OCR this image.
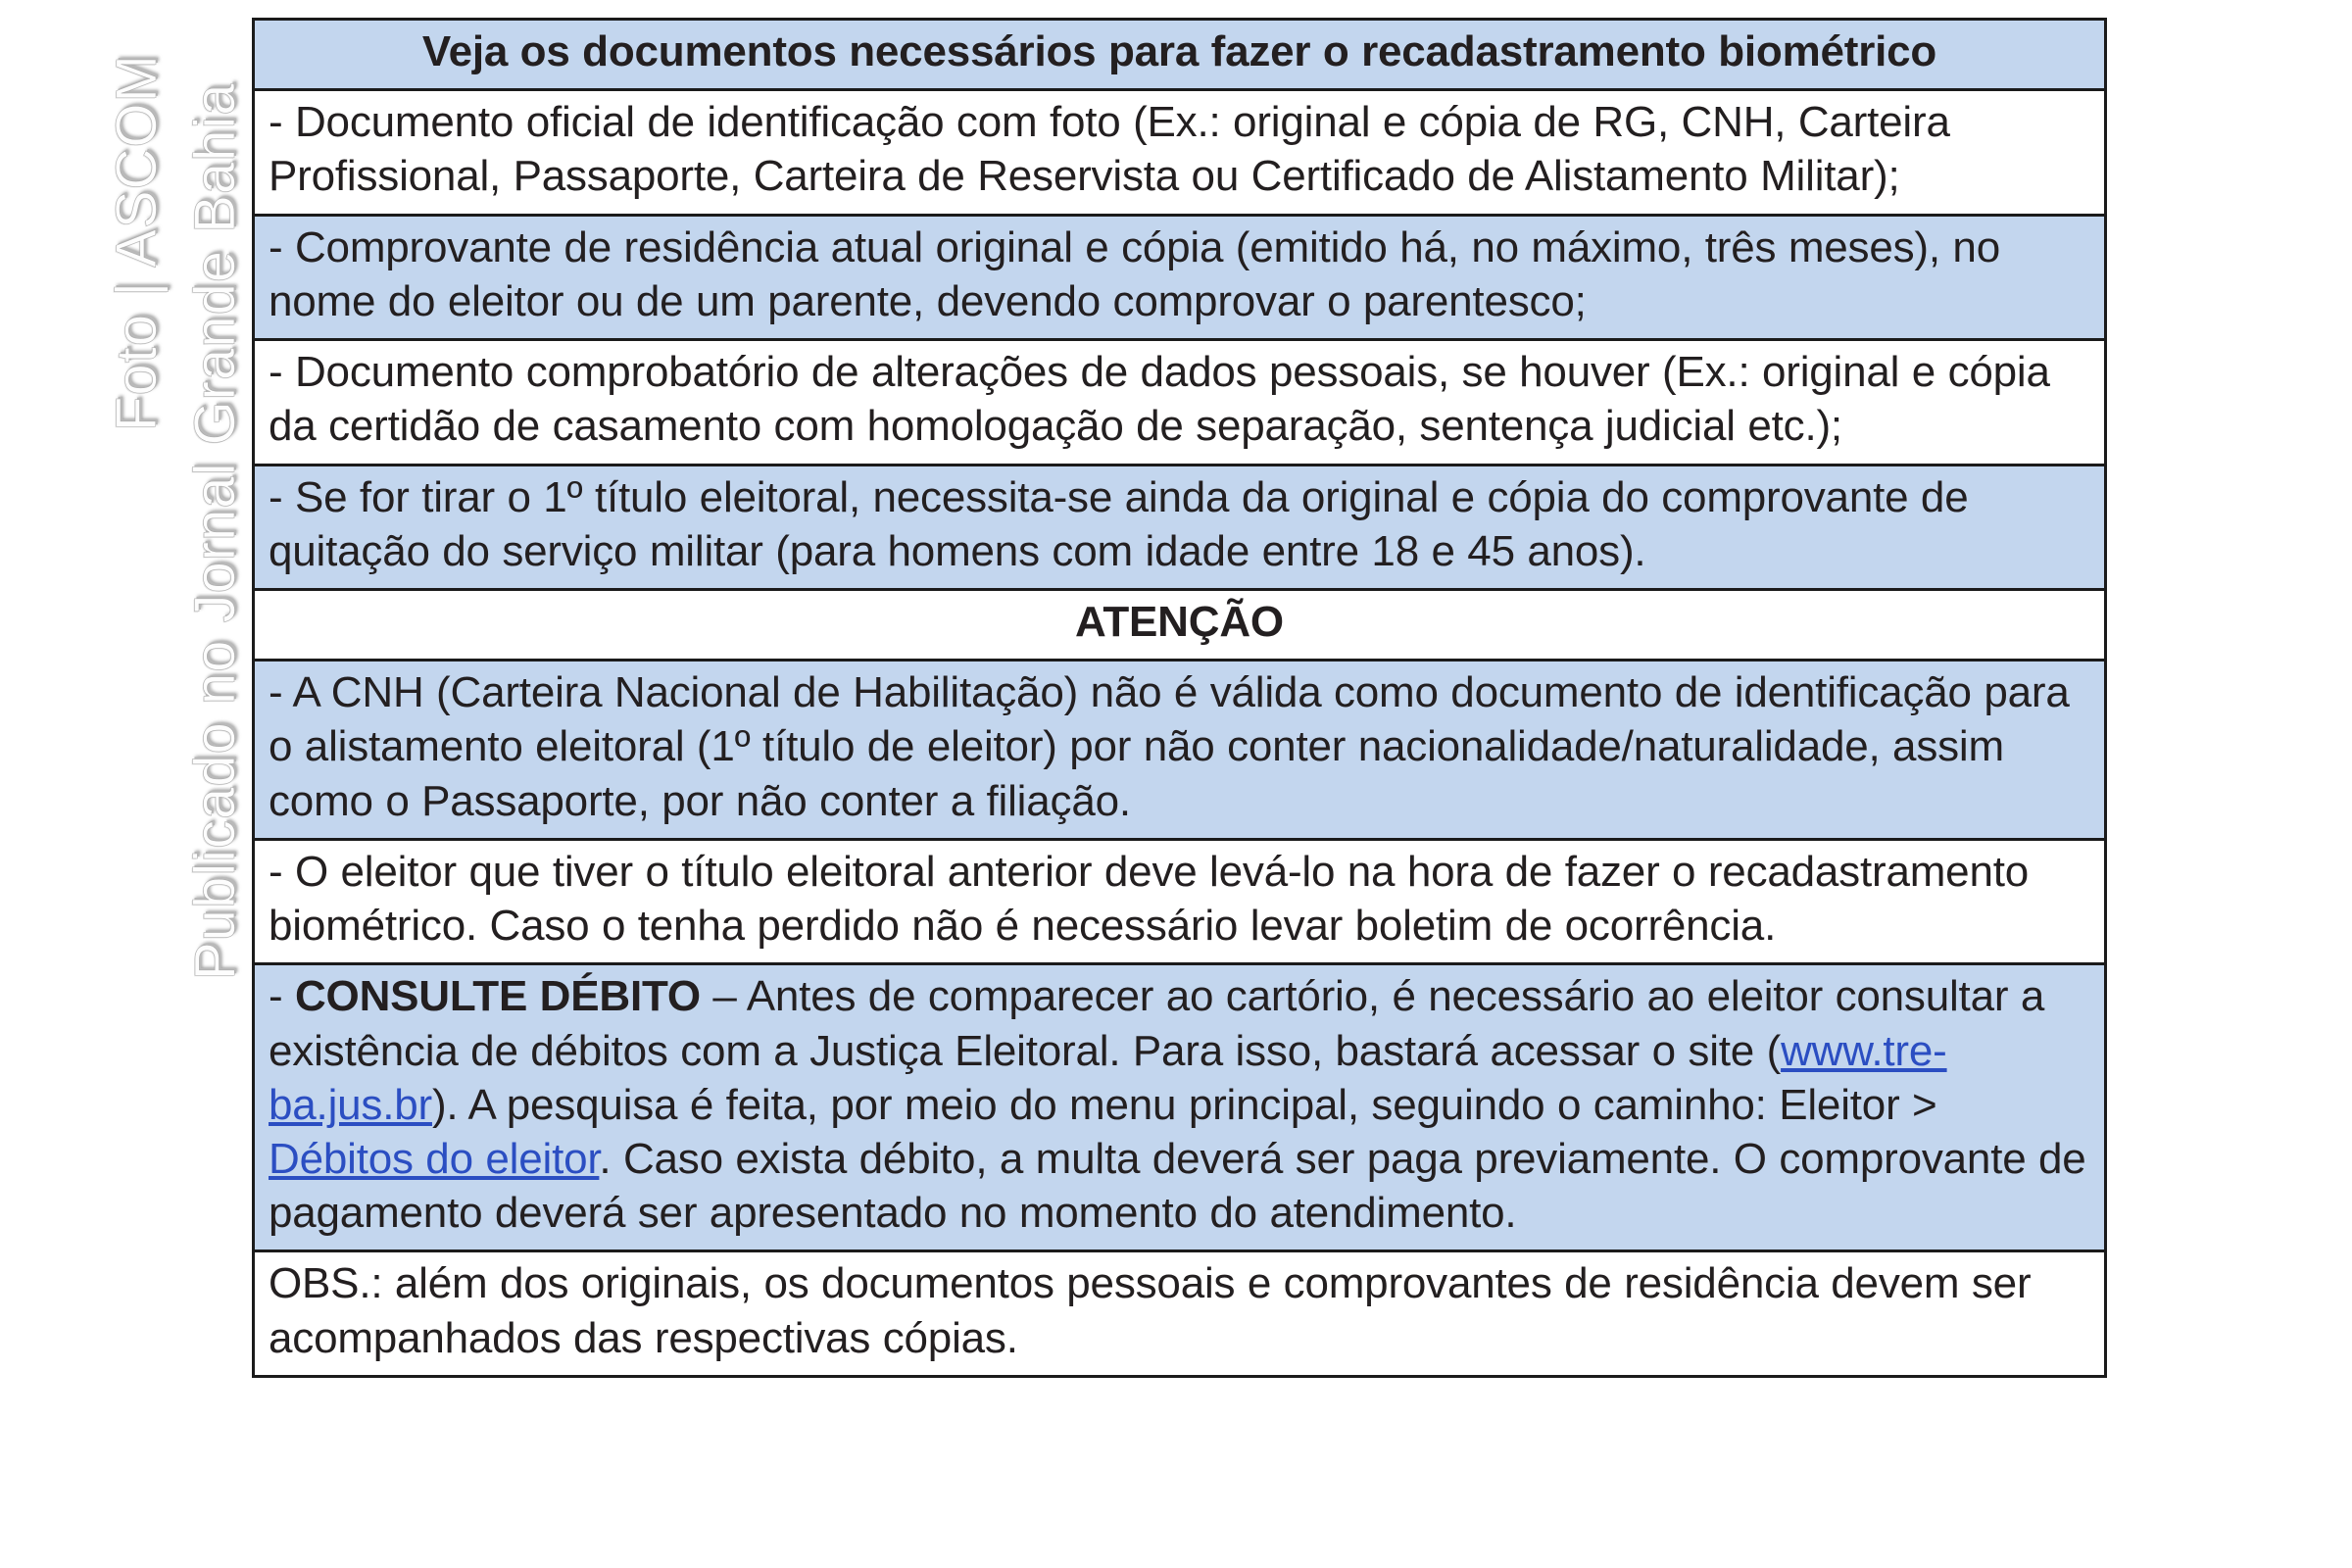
Foto | ASCOM Publicado no Jornal Grande Bahia
Veja os documentos necessários para fazer o recadastramento biométrico
- Documento oficial de identificação com foto (Ex.: original e cópia de RG, CNH, Carteira Profissional, Passaporte, Carteira de Reservista ou Certificado de Alistamento Militar);
- Comprovante de residência atual original e cópia (emitido há, no máximo, três meses), no nome do eleitor ou de um parente, devendo comprovar o parentesco;
- Documento comprobatório de alterações de dados pessoais, se houver (Ex.: original e cópia da certidão de casamento com homologação de separação, sentença judicial etc.);
- Se for tirar o 1º título eleitoral, necessita-se ainda da original e cópia do comprovante de quitação do serviço militar (para homens com idade entre 18 e 45 anos).
ATENÇÃO
- A CNH (Carteira Nacional de Habilitação) não é válida como documento de identificação para o alistamento eleitoral (1º título de eleitor) por não conter nacionalidade/naturalidade, assim como o Passaporte, por não conter a filiação.
- O eleitor que tiver o título eleitoral anterior deve levá-lo na hora de fazer o recadastramento biométrico. Caso o tenha perdido não é necessário levar boletim de ocorrência.
- CONSULTE DÉBITO – Antes de comparecer ao cartório, é necessário ao eleitor consultar a existência de débitos com a Justiça Eleitoral. Para isso, bastará acessar o site (www.tre-ba.jus.br). A pesquisa é feita, por meio do menu principal, seguindo o caminho: Eleitor > Débitos do eleitor. Caso exista débito, a multa deverá ser paga previamente. O comprovante de pagamento deverá ser apresentado no momento do atendimento.
OBS.: além dos originais, os documentos pessoais e comprovantes de residência devem ser acompanhados das respectivas cópias.
